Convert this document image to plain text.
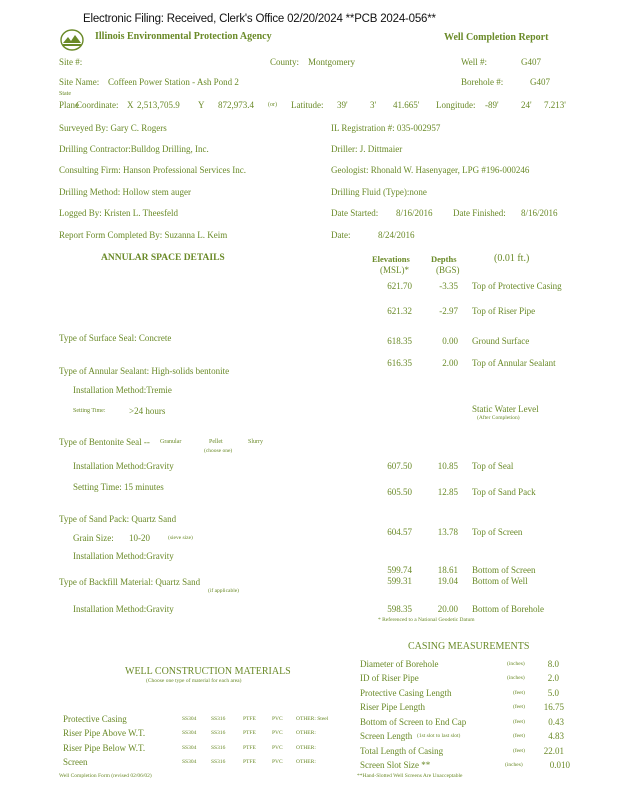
Electronic Filing: Received, Clerk's Office 02/20/2024 **PCB 2024-056**
Illinois Environmental Protection Agency	Well Completion Report
Site #:	County: Montgomery	Well #:	G407
Site Name: Coffeen Power Station - Ash Pond 2	Borehole #:	G407
State
Plane
Coordinate: X 2,513,705.9 Y 872,973.4 (or) Latitude: 39' 3' 41.665' Longitude: -89' 24' 7.213'
Surveyed By: Gary C. Rogers	IL Registration #: 035-002957
Drilling Contractor:Bulldog Drilling, Inc.	Driller: J. Dittmaier
Consulting Firm: Hanson Professional Services Inc.	Geologist: Rhonald W. Hasenyager, LPG #196-000246
Drilling Method: Hollow stem auger	Drilling Fluid (Type):none
Logged By: Kristen L. Theesfeld	Date Started: 8/16/2016 Date Finished: 8/16/2016
Report Form Completed By: Suzanna L. Keim	Date:	8/24/2016
ANNULAR SPACE DETAILS	Elevations
(MSL)*
Depths
(BGS)
(0.01 ft.)
621.70	-3.35 Top of Protective Casing
621.32	-2.97 Top of Riser Pipe
618.35	0.00 Ground Surface
616.35	2.00 Top of Annular Sealant
Static Water Level
(After Completion)
607.50	10.85 Top of Seal
605.50	12.85 Top of Sand Pack
604.57	13.78 Top of Screen
599.74	18.61 Bottom of Screen
599.31	19.04 Bottom of Well
598.35	20.00 Bottom of Borehole
* Referenced to a National Geodetic Datum
Type of Surface Seal: Concrete
Type of Annular Sealant: High-solids bentonite
Installation Method:Tremie
Setting Time:	>24 hours
Type of Bentonite Seal -- Granular	Pellet	Slurry
(choose one)
Installation Method:Gravity
Setting Time: 15 minutes
Type of Sand Pack: Quartz Sand
Grain Size: 10-20	(sieve size)
Installation Method:Gravity
Type of Backfill Material: Quartz Sand
(if applicable)
Installation Method:Gravity
CASING MEASUREMENTS
Diameter of Borehole	(inches)	8.0
ID of Riser Pipe	(inches)	2.0
Protective Casing Length	(feet)	5.0
Riser Pipe Length	(feet)	16.75
Bottom of Screen to End Cap	(feet)	0.43
Screen Length (1st slot to last slot)	(feet)	4.83
Total Length of Casing	(feet)	22.01
Screen Slot Size **	(inches)	0.010
**Hand-Slotted Well Screens Are Unacceptable
WELL CONSTRUCTION MATERIALS
(Choose one type of material for each area)
Protective Casing	SS304	SS316	PTFE	PVC OTHER: Steel
Riser Pipe Above W.T.	SS304	SS316	PTFE	PVC OTHER:
Riser Pipe Below W.T.	SS304	SS316	PTFE	PVC OTHER:
Screen	SS304	SS316	PTFE	PVC OTHER:
Well Completion Form (revised 02/06/02)
